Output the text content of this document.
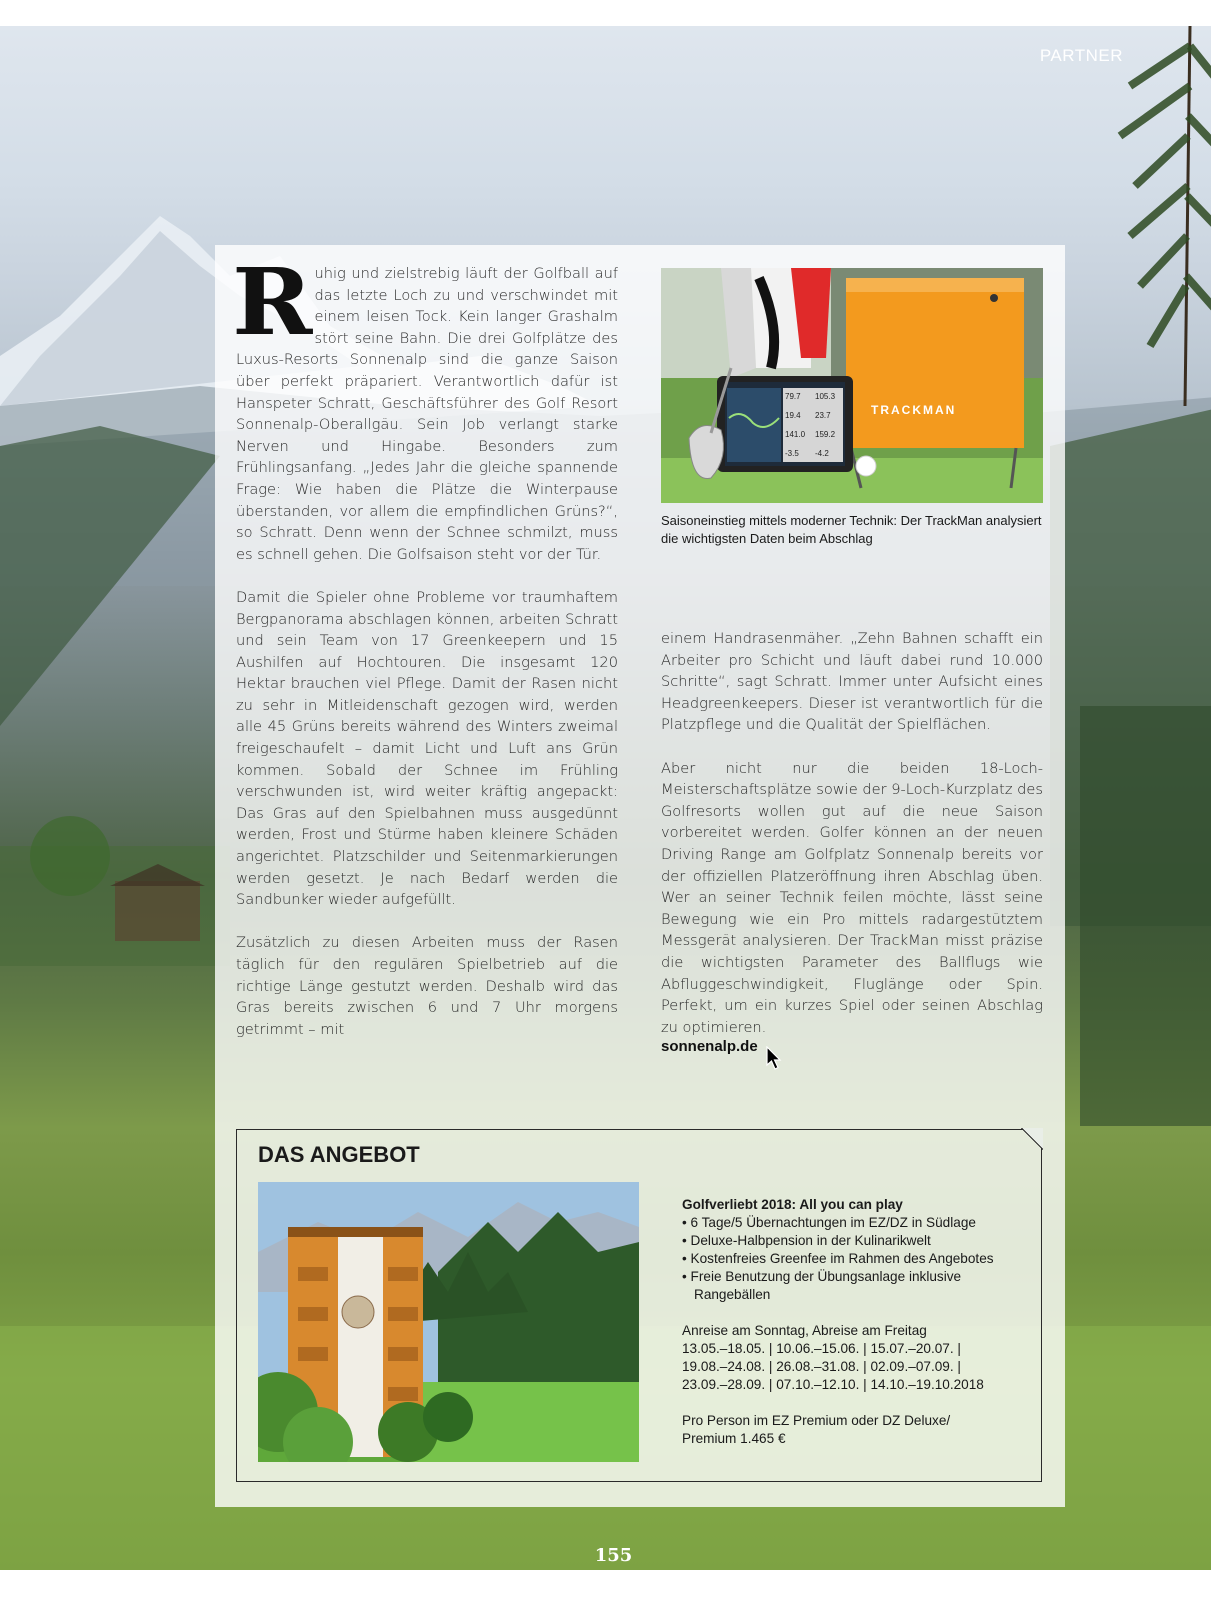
PARTNER

R uhig und zielstrebig läuft der Golfball auf das letzte Loch zu und verschwindet mit einem leisen Tock. Kein langer Grashalm stört seine Bahn. Die drei Golfplätze des Luxus-Resorts Sonnenalp sind die ganze Saison über perfekt präpariert. Verantwortlich dafür ist Hanspeter Schratt, Geschäftsführer des Golf Resort Sonnenalp-Oberallgäu. Sein Job verlangt starke Nerven und Hingabe. Besonders zum Frühlingsanfang. „Jedes Jahr die gleiche spannende Frage: Wie haben die Plätze die Winterpause überstanden, vor allem die empfindlichen Grüns?“, so Schratt. Denn wenn der Schnee schmilzt, muss es schnell gehen. Die Golfsaison steht vor der Tür.

Damit die Spieler ohne Probleme vor traumhaftem Bergpanorama abschlagen können, arbeiten Schratt und sein Team von 17 Greenkeepern und 15 Aushilfen auf Hochtouren. Die insgesamt 120 Hektar brauchen viel Pflege. Damit der Rasen nicht zu sehr in Mitleidenschaft gezogen wird, werden alle 45 Grüns bereits während des Winters zweimal freigeschaufelt – damit Licht und Luft ans Grün kommen. Sobald der Schnee im Frühling verschwunden ist, wird weiter kräftig angepackt: Das Gras auf den Spielbahnen muss ausgedünnt werden, Frost und Stürme haben kleinere Schäden angerichtet. Platzschilder und Seitenmarkierungen werden gesetzt. Je nach Bedarf werden die Sandbunker wieder aufgefüllt.

Zusätzlich zu diesen Arbeiten muss der Rasen täglich für den regulären Spielbetrieb auf die richtige Länge gestutzt werden. Deshalb wird das Gras bereits zwischen 6 und 7 Uhr morgens getrimmt – mit

TRACKMAN
79.7 105.3
19.4 23.7
141.0 159.2
-3.5 -4.2
Saisoneinstieg mittels moderner Technik: Der TrackMan analysiert die wichtigsten Daten beim Abschlag

einem Handrasenmäher. „Zehn Bahnen schafft ein Arbeiter pro Schicht und läuft dabei rund 10.000 Schritte“, sagt Schratt. Immer unter Aufsicht eines Headgreenkeepers. Dieser ist verantwortlich für die Platzpflege und die Qualität der Spielflächen.

Aber nicht nur die beiden 18-Loch-Meisterschaftsplätze sowie der 9-Loch-Kurzplatz des Golfresorts wollen gut auf die neue Saison vorbereitet werden. Golfer können an der neuen Driving Range am Golfplatz Sonnenalp bereits vor der offiziellen Platzeröffnung ihren Abschlag üben. Wer an seiner Technik feilen möchte, lässt seine Bewegung wie ein Pro mittels radargestütztem Messgerät analysieren. Der TrackMan misst präzise die wichtigsten Parameter des Ballflugs wie Abfluggeschwindigkeit, Fluglänge oder Spin. Perfekt, um ein kurzes Spiel oder seinen Abschlag zu optimieren.

sonnenalp.de
DAS ANGEBOT
Golfverliebt 2018: All you can play
• 6 Tage/5 Übernachtungen im EZ/DZ in Südlage
• Deluxe-Halbpension in der Kulinarikwelt
• Kostenfreies Greenfee im Rahmen des Angebotes
• Freie Benutzung der Übungsanlage inklusive Rangebällen
Anreise am Sonntag, Abreise am Freitag
13.05.–18.05. | 10.06.–15.06. | 15.07.–20.07. |
19.08.–24.08. | 26.08.–31.08. | 02.09.–07.09. |
23.09.–28.09. | 07.10.–12.10. | 14.10.–19.10.2018
Pro Person im EZ Premium oder DZ Deluxe/
Premium 1.465 €
155
